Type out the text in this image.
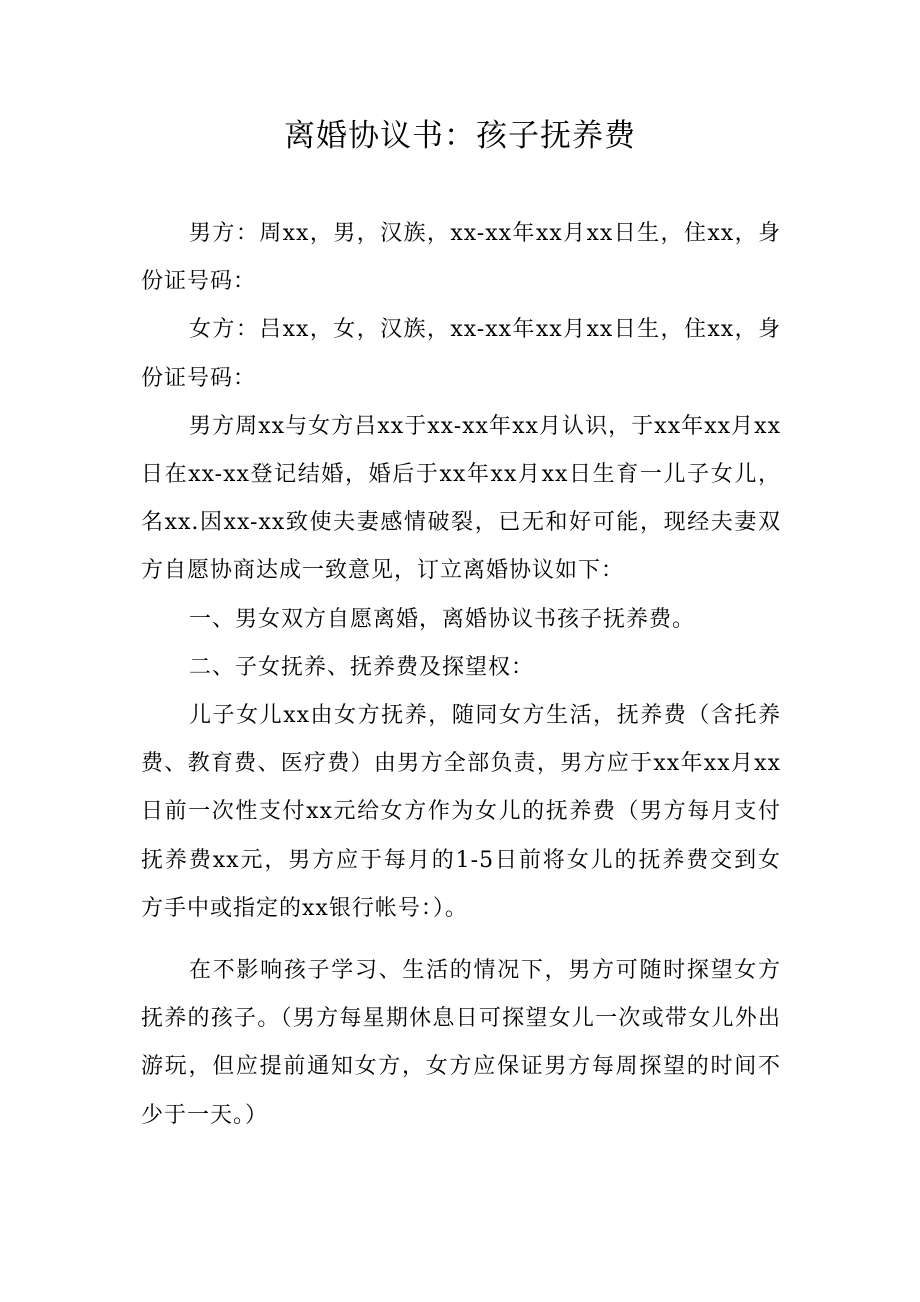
离婚协议书：孩子抚养费

男方：周xx，男，汉族，xx-xx年xx月xx日生，住xx，身份证号码：

女方：吕xx，女，汉族，xx-xx年xx月xx日生，住xx，身份证号码：

男方周xx与女方吕xx于xx-xx年xx月认识，于xx年xx月xx日在xx-xx登记结婚，婚后于xx年xx月xx日生育一儿子女儿，名xx.因xx-xx致使夫妻感情破裂，已无和好可能，现经夫妻双方自愿协商达成一致意见，订立离婚协议如下：

一、男女双方自愿离婚，离婚协议书孩子抚养费。

二、子女抚养、抚养费及探望权：

儿子女儿xx由女方抚养，随同女方生活，抚养费（含托养费、教育费、医疗费）由男方全部负责，男方应于xx年xx月xx日前一次性支付xx元给女方作为女儿的抚养费（男方每月支付抚养费xx元，男方应于每月的1-5日前将女儿的抚养费交到女方手中或指定的xx银行帐号：）。

在不影响孩子学习、生活的情况下，男方可随时探望女方抚养的孩子。（男方每星期休息日可探望女儿一次或带女儿外出游玩，但应提前通知女方，女方应保证男方每周探望的时间不少于一天。）
